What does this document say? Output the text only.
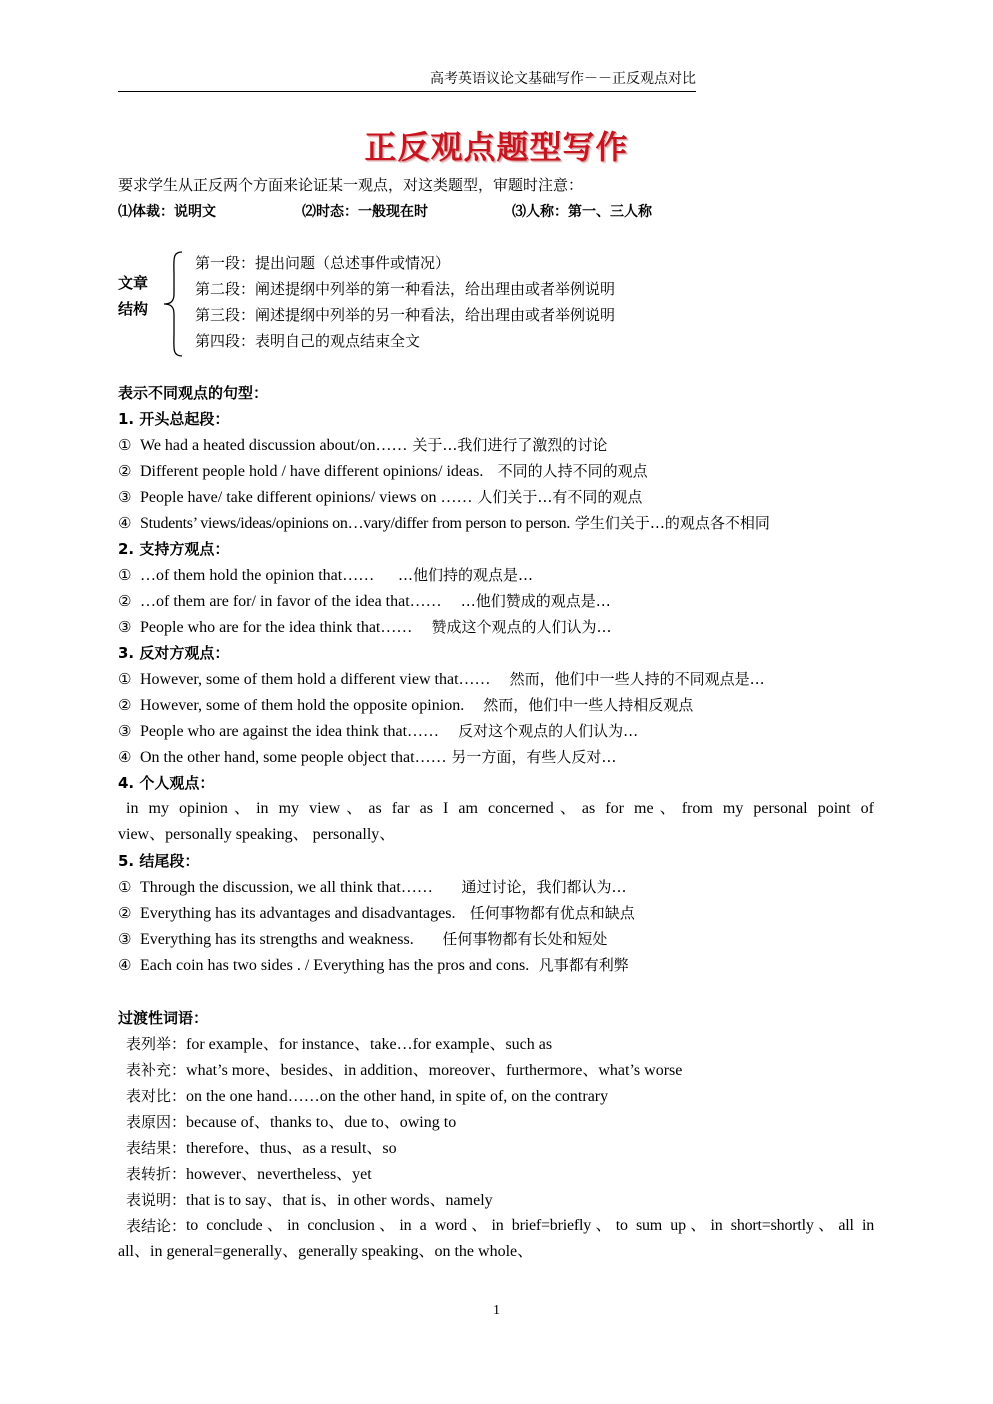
高考英语议论文基础写作－－正反观点对比
正反观点题型写作
要求学生从正反两个方面来论证某一观点，对这类题型，审题时注意：
⑴体裁：说明文	⑵时态：一般现在时	⑶人称：第一、三人称
文章
结构
第一段：提出问题（总述事件或情况）
第二段：阐述提纲中列举的第一种看法，给出理由或者举例说明
第三段：阐述提纲中列举的另一种看法，给出理由或者举例说明
第四段：表明自己的观点结束全文
表示不同观点的句型：
1. 开头总起段：
① We had a heated discussion about/on…… 关于…我们进行了激烈的讨论
② Different people hold / have different opinions/ ideas. 不同的人持不同的观点
③ People have/ take different opinions/ views on …… 人们关于…有不同的观点
④ Students’ views/ideas/opinions on…vary/differ from person to person. 学生们关于…的观点各不相同
2. 支持方观点：
① …of them hold the opinion that…… …他们持的观点是…
② …of them are for/ in favor of the idea that…… …他们赞成的观点是…
③ People who are for the idea think that…… 赞成这个观点的人们认为…
3. 反对方观点：
① However, some of them hold a different view that…… 然而，他们中一些人持的不同观点是…
② However, some of them hold the opposite opinion. 然而，他们中一些人持相反观点
③ People who are against the idea think that…… 反对这个观点的人们认为…
④ On the other hand, some people object that…… 另一方面，有些人反对…
4. 个人观点：
in my opinion、in my view、as far as I am concerned、as for me、from my personal point of
view、personally speaking、 personally、
5. 结尾段：
① Through the discussion, we all think that…… 通过讨论，我们都认为…
② Everything has its advantages and disadvantages. 任何事物都有优点和缺点
③ Everything has its strengths and weakness. 任何事物都有长处和短处
④ Each coin has two sides . / Everything has the pros and cons. 凡事都有利弊
过渡性词语：
表列举：for example、for instance、take…for example、such as
表补充：what’s more、besides、in addition、moreover、furthermore、what’s worse
表对比：on the one hand……on the other hand, in spite of, on the contrary
表原因：because of、thanks to、due to、owing to
表结果：therefore、thus、as a result、so
表转折：however、nevertheless、yet
表说明：that is to say、that is、in other words、namely
表结论： to conclude、in conclusion、in a word、in brief=briefly、to sum up、in short=shortly、all in
all、in general=generally、generally speaking、on the whole、
1
